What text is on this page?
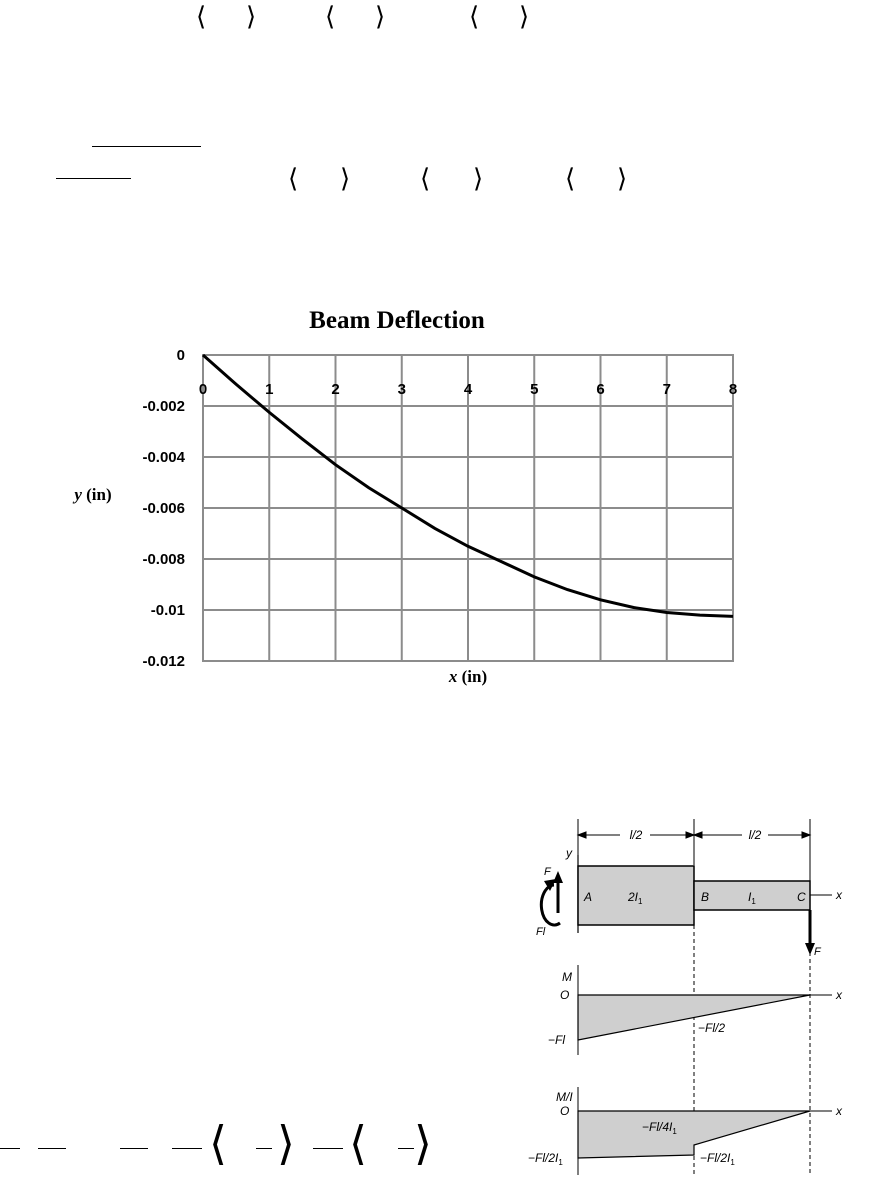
⟨ ⟩	⟨ ⟩	⟨ ⟩
⟨ ⟩	⟨ ⟩	⟨ ⟩
Beam Deflection
0	1	2	3	4	5	6	7	8
0
-0.002
-0.004
-0.006
-0.008
-0.01
-0.012
y (in)
x (in)
l/2	l/2
y
x
A	$2I_1$	B	$I_1$	C
F
Fl
F
M
O	x
−Fl
−Fl/2
M/I
O	x
$-Fl/2I_1$
$-Fl/4I_1$
$-Fl/2I_1$
⟨ ⟩ ⟨ ⟩
